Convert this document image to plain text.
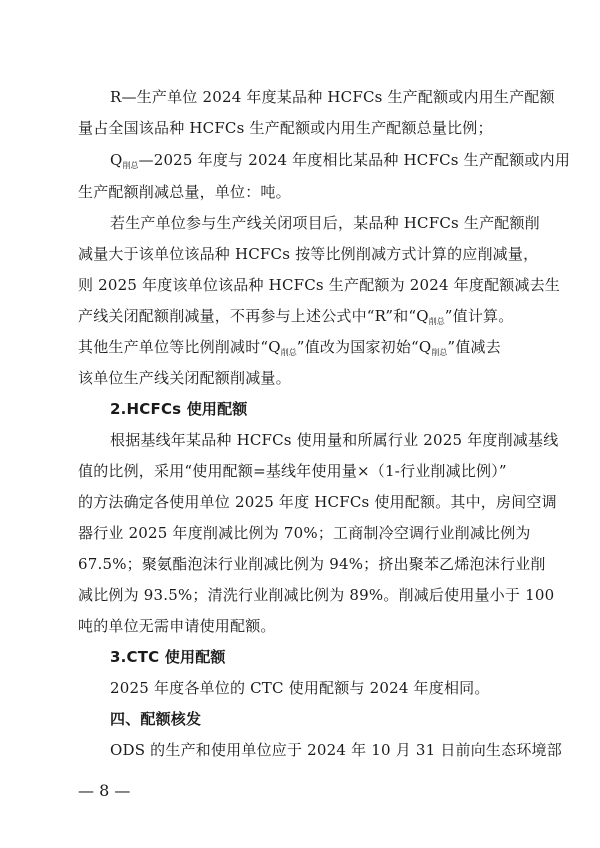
R—生产单位 2024 年度某品种 HCFCs 生产配额或内用生产配额
量占全国该品种 HCFCs 生产配额或内用生产配额总量比例；
$Q_{削总}—2025$ 年度与 2024 年度相比某品种 HCFCs 生产配额或内用
生产配额削减总量，单位：吨。
若生产单位参与生产线关闭项目后，某品种 HCFCs 生产配额削
减量大于该单位该品种 HCFCs 按等比例削减方式计算的应削减量，
则 2025 年度该单位该品种 HCFCs 生产配额为 2024 年度配额减去生
产线关闭配额削减量，不再参与上述公式中“R”和“$Q_{削总}$”值计算。
其他生产单位等比例削减时“$Q_{削总}$”值改为国家初始“$Q_{削总}$”值减去
该单位生产线关闭配额削减量。
2.HCFCs 使用配额
根据基线年某品种 HCFCs 使用量和所属行业 2025 年度削减基线
值的比例，采用“使用配额=基线年使用量×（1-行业削减比例）”
的方法确定各使用单位 2025 年度 HCFCs 使用配额。其中，房间空调
器行业 2025 年度削减比例为 70%；工商制冷空调行业削减比例为
67.5%；聚氨酯泡沫行业削减比例为 94%；挤出聚苯乙烯泡沫行业削
减比例为 93.5%；清洗行业削减比例为 89%。削减后使用量小于 100
吨的单位无需申请使用配额。
3.CTC 使用配额
2025 年度各单位的 CTC 使用配额与 2024 年度相同。
四、配额核发
ODS 的生产和使用单位应于 2024 年 10 月 31 日前向生态环境部
— 8 —
